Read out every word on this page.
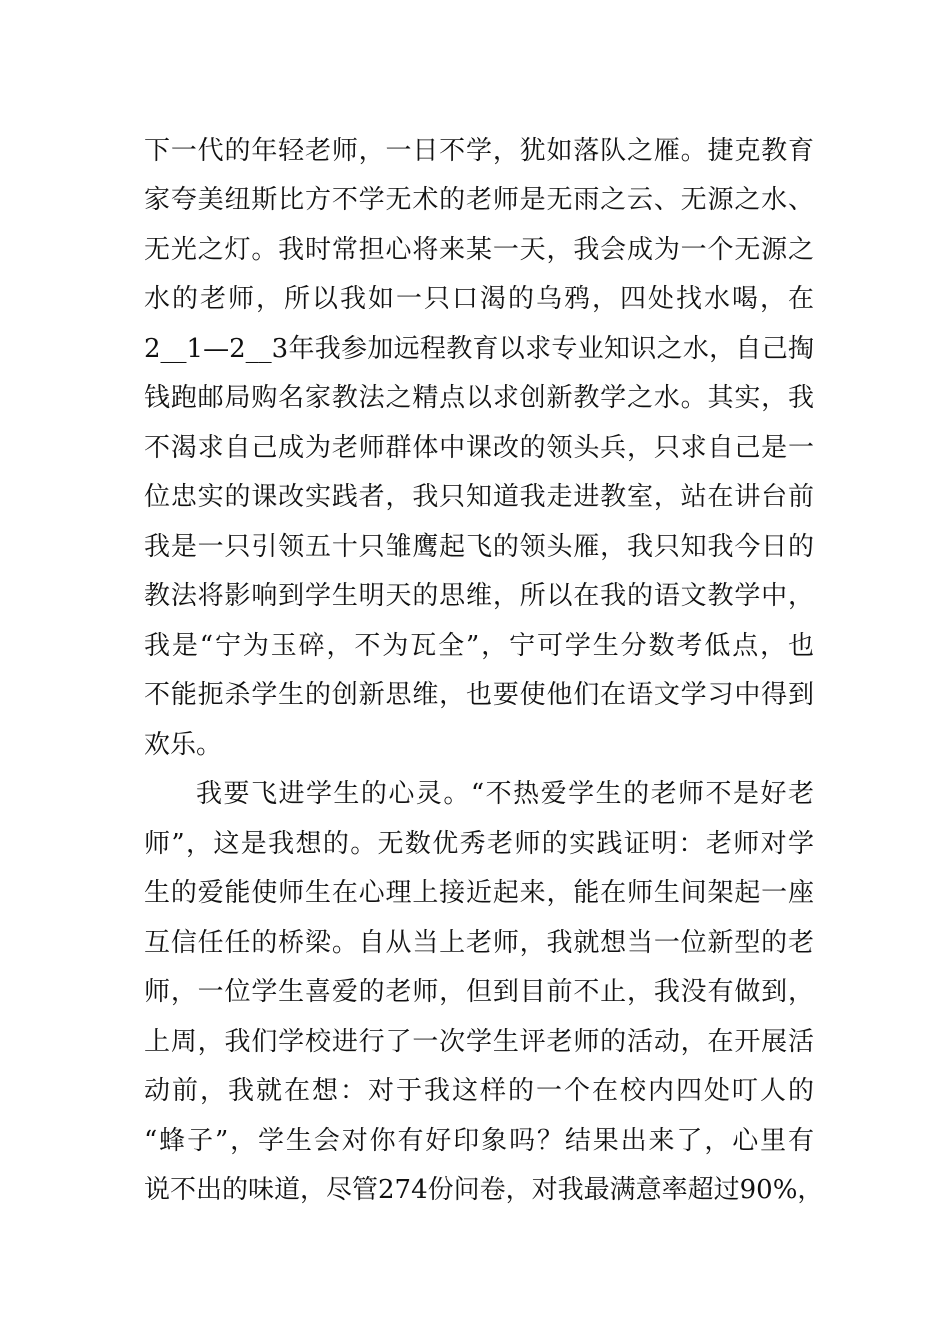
下一代的年轻老师，一日不学，犹如落队之雁。捷克教育
家夸美纽斯比方不学无术的老师是无雨之云、无源之水、
无光之灯。我时常担心将来某一天，我会成为一个无源之
水的老师，所以我如一只口渴的乌鸦，四处找水喝，在
2__1—2__3年我参加远程教育以求专业知识之水，自己掏
钱跑邮局购名家教法之精点以求创新教学之水。其实，我
不渴求自己成为老师群体中课改的领头兵，只求自己是一
位忠实的课改实践者，我只知道我走进教室，站在讲台前
我是一只引领五十只雏鹰起飞的领头雁，我只知我今日的
教法将影响到学生明天的思维，所以在我的语文教学中，
我是“宁为玉碎，不为瓦全”，宁可学生分数考低点，也
不能扼杀学生的创新思维，也要使他们在语文学习中得到
欢乐。
我要飞进学生的心灵。“不热爱学生的老师不是好老
师”，这是我想的。无数优秀老师的实践证明：老师对学
生的爱能使师生在心理上接近起来，能在师生间架起一座
互信任任的桥梁。自从当上老师，我就想当一位新型的老
师，一位学生喜爱的老师，但到目前不止，我没有做到，
上周，我们学校进行了一次学生评老师的活动，在开展活
动前，我就在想：对于我这样的一个在校内四处叮人的
“蜂子”，学生会对你有好印象吗？结果出来了，心里有
说不出的味道，尽管274份问卷，对我最满意率超过90%，
